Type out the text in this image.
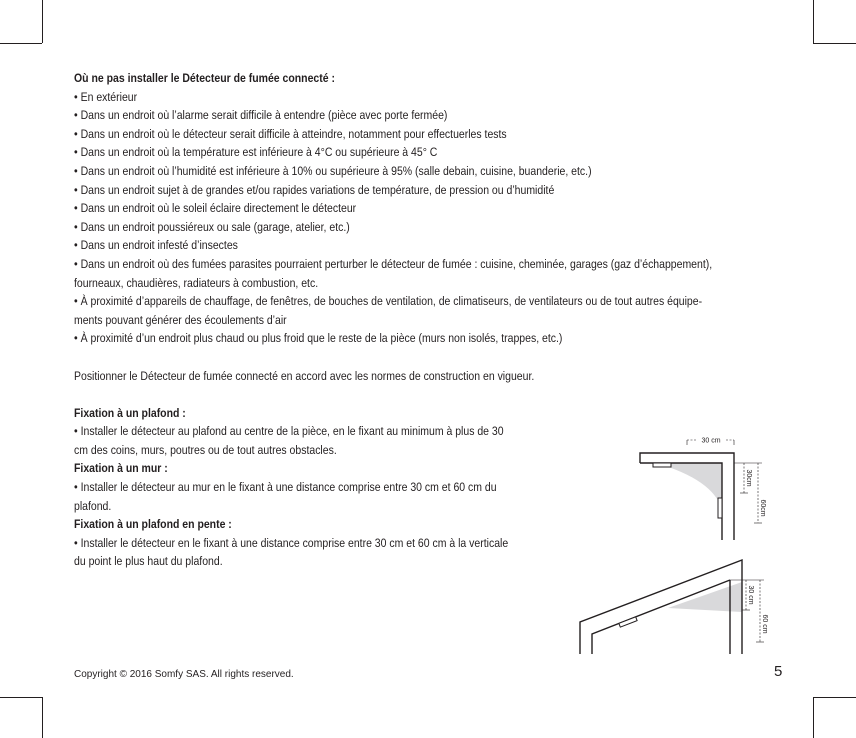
Où ne pas installer le Détecteur de fumée connecté :
• En extérieur
• Dans un endroit où l’alarme serait difficile à entendre (pièce avec porte fermée)
• Dans un endroit où le détecteur serait difficile à atteindre, notamment pour effectuerles tests
• Dans un endroit où la température est inférieure à 4°C ou supérieure à 45° C
• Dans un endroit où l’humidité est inférieure à 10% ou supérieure à 95% (salle debain, cuisine, buanderie, etc.)
• Dans un endroit sujet à de grandes et/ou rapides variations de température, de pression ou d’humidité
• Dans un endroit où le soleil éclaire directement le détecteur
• Dans un endroit poussiéreux ou sale (garage, atelier, etc.)
• Dans un endroit infesté d’insectes
• Dans un endroit où des fumées parasites pourraient perturber le détecteur de fumée : cuisine, cheminée, garages (gaz d’échappement),
fourneaux, chaudières, radiateurs à combustion, etc.
• À proximité d’appareils de chauffage, de fenêtres, de bouches de ventilation, de climatiseurs, de ventilateurs ou de tout autres équipe-
ments pouvant générer des écoulements d’air
• À proximité d’un endroit plus chaud ou plus froid que le reste de la pièce (murs non isolés, trappes, etc.)
Positionner le Détecteur de fumée connecté en accord avec les normes de construction en vigueur.
Fixation à un plafond :
• Installer le détecteur au plafond au centre de la pièce, en le fixant au minimum à plus de 30
cm des coins, murs, poutres ou de tout autres obstacles.
Fixation à un mur :
• Installer le détecteur au mur en le fixant à une distance comprise entre 30 cm et 60 cm du
plafond.
Fixation à un plafond en pente :
• Installer le détecteur en le fixant à une distance comprise entre 30 cm et 60 cm à la verticale
du point le plus haut du plafond.
30 cm
30cm
60cm
30 cm
60 cm
Copyright © 2016 Somfy SAS. All rights reserved.	5
